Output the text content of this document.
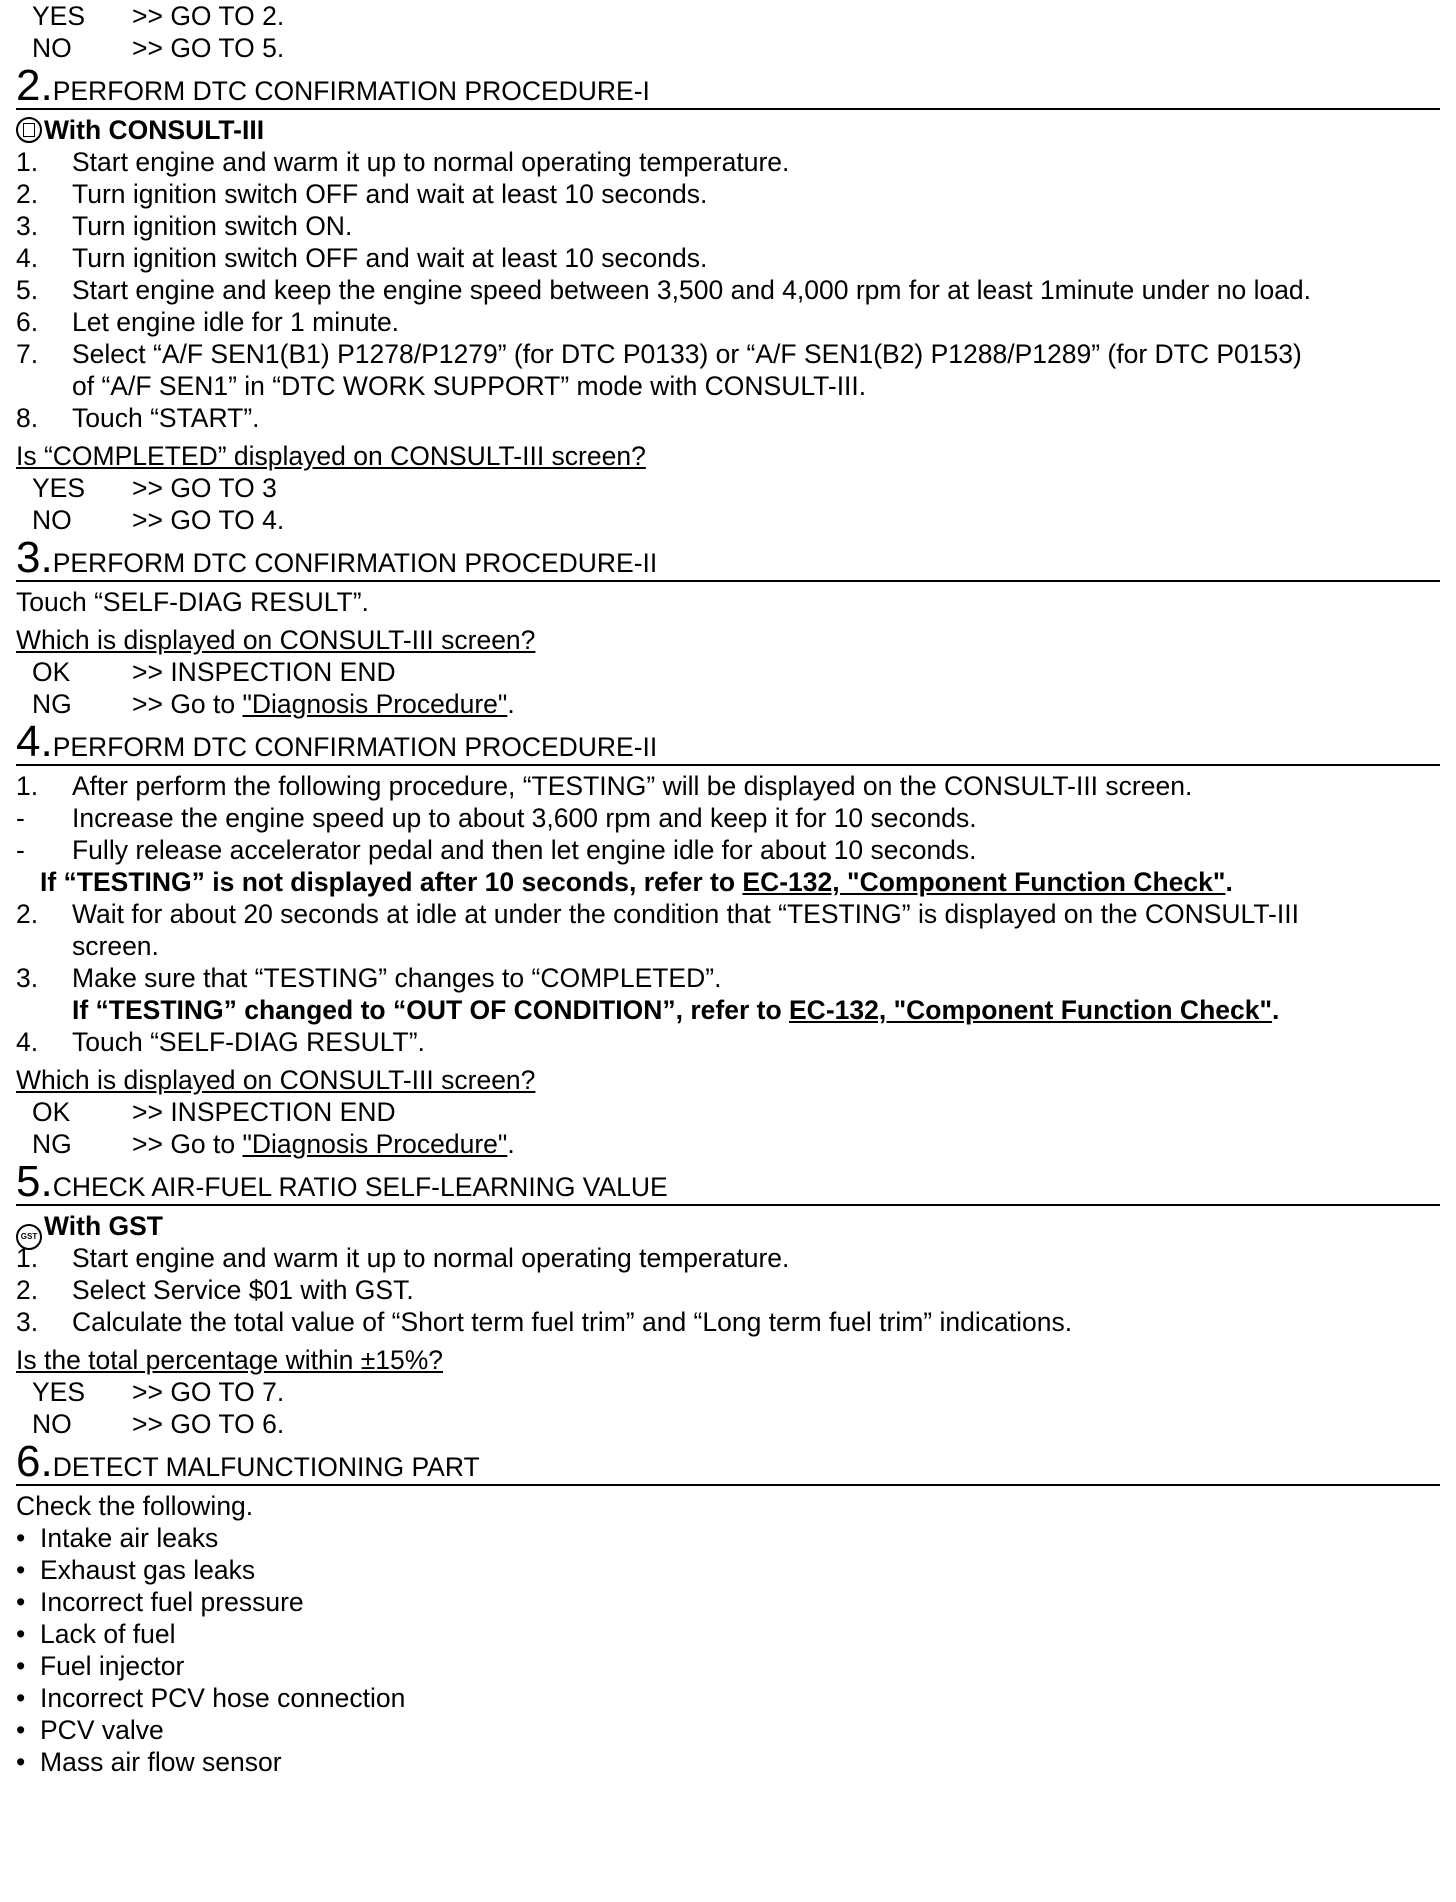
YES >> GO TO 2.
NO >> GO TO 5.
2. PERFORM DTC CONFIRMATION PROCEDURE-I
With CONSULT-III
1. Start engine and warm it up to normal operating temperature.
2. Turn ignition switch OFF and wait at least 10 seconds.
3. Turn ignition switch ON.
4. Turn ignition switch OFF and wait at least 10 seconds.
5. Start engine and keep the engine speed between 3,500 and 4,000 rpm for at least 1minute under no load.
6. Let engine idle for 1 minute.
7. Select “A/F SEN1(B1) P1278/P1279” (for DTC P0133) or “A/F SEN1(B2) P1288/P1289” (for DTC P0153)
of “A/F SEN1” in “DTC WORK SUPPORT” mode with CONSULT-III.
8. Touch “START”.
Is “COMPLETED” displayed on CONSULT-III screen?
YES >> GO TO 3
NO >> GO TO 4.
3. PERFORM DTC CONFIRMATION PROCEDURE-II
Touch “SELF-DIAG RESULT”.
Which is displayed on CONSULT-III screen?
OK >> INSPECTION END
NG >> Go to "Diagnosis Procedure".
4. PERFORM DTC CONFIRMATION PROCEDURE-II
1. After perform the following procedure, “TESTING” will be displayed on the CONSULT-III screen.
- Increase the engine speed up to about 3,600 rpm and keep it for 10 seconds.
- Fully release accelerator pedal and then let engine idle for about 10 seconds.
If “TESTING” is not displayed after 10 seconds, refer to EC-132, "Component Function Check".
2. Wait for about 20 seconds at idle at under the condition that “TESTING” is displayed on the CONSULT-III
screen.
3. Make sure that “TESTING” changes to “COMPLETED”.
If “TESTING” changed to “OUT OF CONDITION”, refer to EC-132, "Component Function Check".
4. Touch “SELF-DIAG RESULT”.
Which is displayed on CONSULT-III screen?
OK >> INSPECTION END
NG >> Go to "Diagnosis Procedure".
5. CHECK AIR-FUEL RATIO SELF-LEARNING VALUE
GST With GST
1. Start engine and warm it up to normal operating temperature.
2. Select Service $01 with GST.
3. Calculate the total value of “Short term fuel trim” and “Long term fuel trim” indications.
Is the total percentage within ±15%?
YES >> GO TO 7.
NO >> GO TO 6.
6. DETECT MALFUNCTIONING PART
Check the following.
• Intake air leaks
• Exhaust gas leaks
• Incorrect fuel pressure
• Lack of fuel
• Fuel injector
• Incorrect PCV hose connection
• PCV valve
• Mass air flow sensor
